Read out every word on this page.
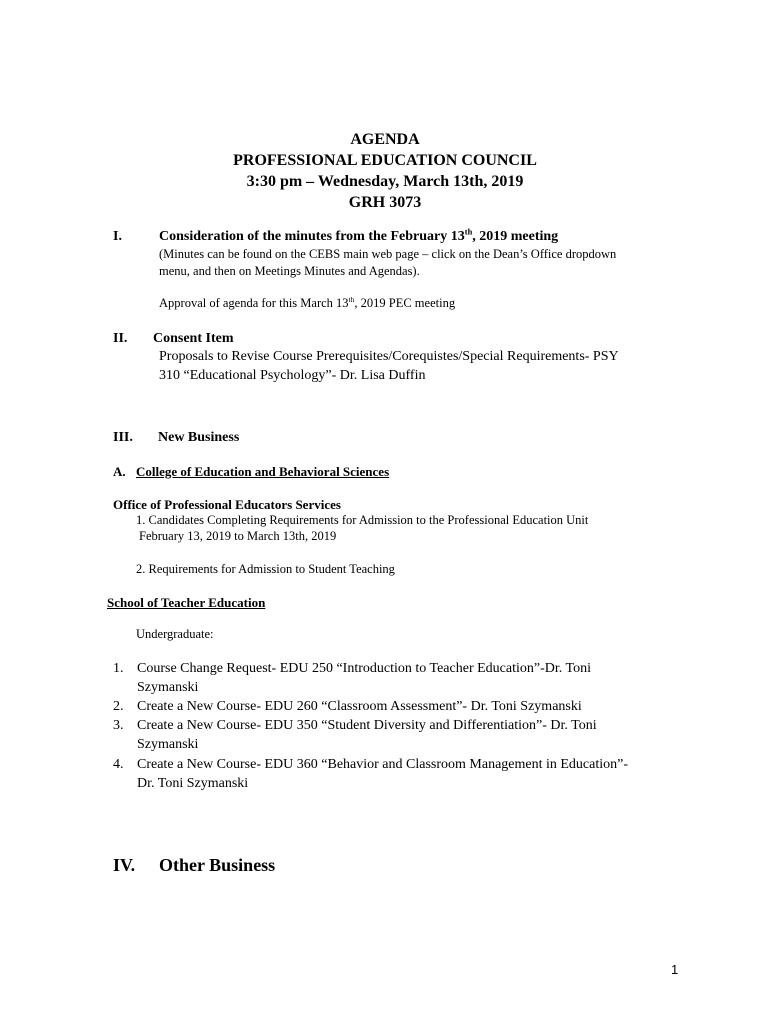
AGENDA
PROFESSIONAL EDUCATION COUNCIL
3:30 pm – Wednesday, March 13th, 2019
GRH 3073
I.	Consideration of the minutes from the February 13th, 2019 meeting
(Minutes can be found on the CEBS main web page – click on the Dean’s Office dropdown
menu, and then on Meetings Minutes and Agendas).
Approval of agenda for this March 13th, 2019 PEC meeting
II. Consent Item
Proposals to Revise Course Prerequisites/Corequistes/Special Requirements- PSY
310 “Educational Psychology”- Dr. Lisa Duffin
III. New Business
A. College of Education and Behavioral Sciences
Office of Professional Educators Services
1. Candidates Completing Requirements for Admission to the Professional Education Unit
February 13, 2019 to March 13th, 2019
2. Requirements for Admission to Student Teaching
School of Teacher Education
Undergraduate:
1. Course Change Request- EDU 250 “Introduction to Teacher Education”-Dr. Toni
Szymanski
2. Create a New Course- EDU 260 “Classroom Assessment”- Dr. Toni Szymanski
3. Create a New Course- EDU 350 “Student Diversity and Differentiation”- Dr. Toni
Szymanski
4. Create a New Course- EDU 360 “Behavior and Classroom Management in Education”-
Dr. Toni Szymanski
IV. Other Business
1
